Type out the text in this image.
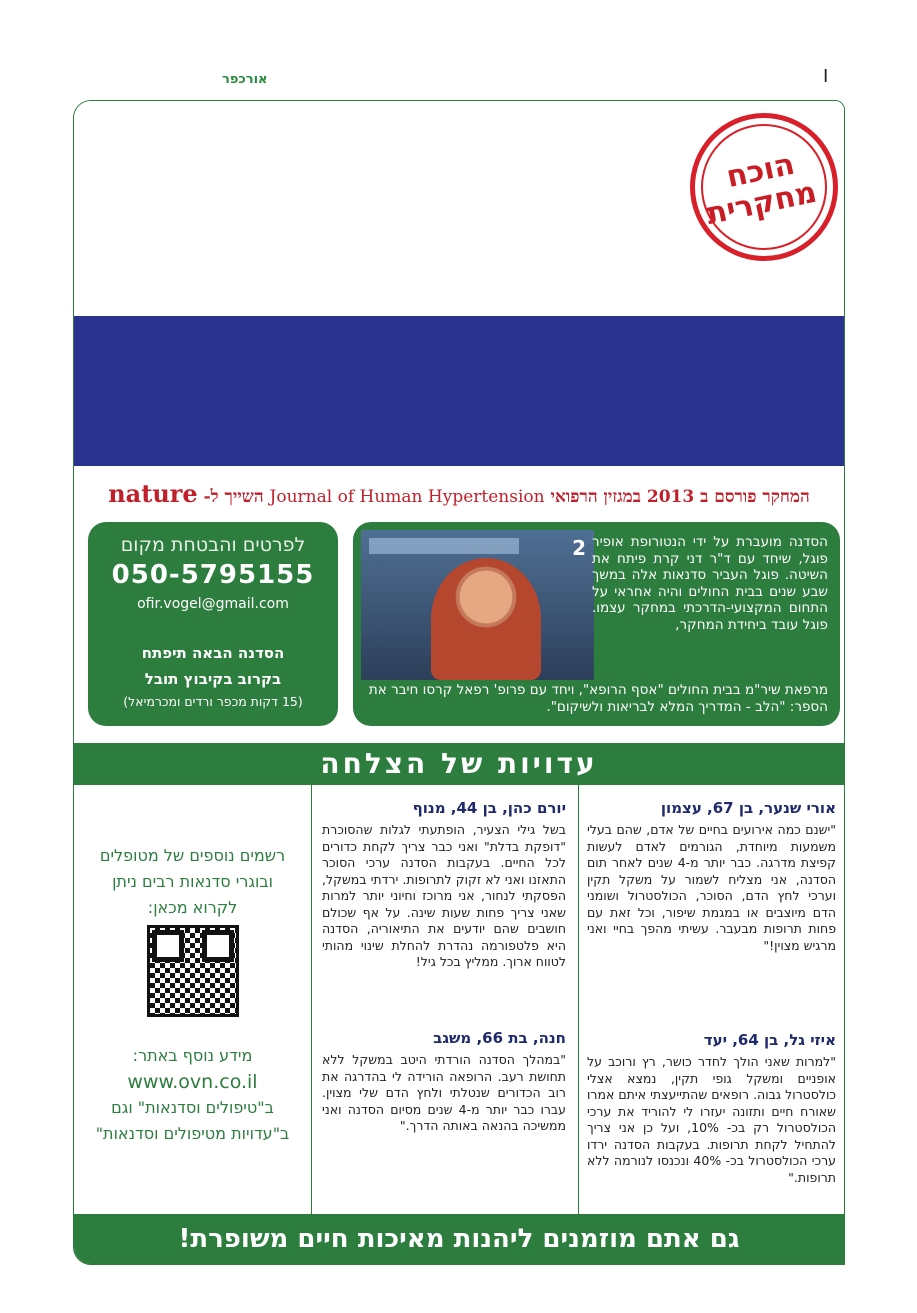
אורכפר	I
הוכח מחקרית
המחקר פורסם ב 2013 במגזין הרפואי Journal of Human Hypertension השייך ל- nature
2 הסדנה מועברת על ידי הנטורופת אופיר פוגל, שיחד עם ד"ר דני קרת פיתח את השיטה. פוגל העביר סדנאות אלה במשך שבע שנים בבית החולים והיה אחראי על התחום המקצועי-הדרכתי במחקר עצמו. פוגל עובד ביחידת המחקר,
מרפאת שיר"מ בבית החולים "אסף הרופא", ויחד עם פרופ' רפאל קרסו חיבר את הספר: "הלב - המדריך המלא לבריאות ולשיקום".
לפרטים והבטחת מקום
050-5795155
ofir.vogel@gmail.com
הסדנה הבאה תיפתח
בקרוב בקיבוץ תובל
(15 דקות מכפר ורדים ומכרמיאל)
עדויות של הצלחה
אורי שנער, בן 67, עצמון

"ישנם כמה אירועים בחיים של אדם, שהם בעלי משמעות מיוחדת, הגורמים לאדם לעשות קפיצת מדרגה. כבר יותר מ-4 שנים לאחר תום הסדנה, אני מצליח לשמור על משקל תקין וערכי לחץ הדם, הסוכר, הכולסטרול ושומני הדם מיוצבים או במגמת שיפור, וכל זאת עם פחות תרופות מבעבר. עשיתי מהפך בחיי ואני מרגיש מצוין!"

איזי גל, בן 64, יעד

"למרות שאני הולך לחדר כושר, רץ ורוכב על אופניים ומשקל גופי תקין, נמצא אצלי כולסטרול גבוה. רופאים שהתייעצתי איתם אמרו שאורח חיים ותזונה יעזרו לי להוריד את ערכי הכולסטרול רק בכ- 10%, ועל כן אני צריך להתחיל לקחת תרופות. בעקבות הסדנה ירדו ערכי הכולסטרול בכ- 40% ונכנסו לנורמה ללא תרופות."

יורם כהן, בן 44, מנוף

בשל גילי הצעיר, הופתעתי לגלות שהסוכרת "דופקת בדלת" ואני כבר צריך לקחת כדורים לכל החיים. בעקבות הסדנה ערכי הסוכר התאזנו ואני לא זקוק לתרופות. ירדתי במשקל, הפסקתי לנחור, אני מרוכז וחיוני יותר למרות שאני צריך פחות שעות שינה. על אף שכולם חושבים שהם יודעים את התיאוריה, הסדנה היא פלטפורמה נהדרת להחלת שינוי מהותי לטווח ארוך. ממליץ בכל גיל!

חנה, בת 66, משגב

"במהלך הסדנה הורדתי היטב במשקל ללא תחושת רעב. הרופאה הורידה לי בהדרגה את רוב הכדורים שנטלתי ולחץ הדם שלי מצוין. עברו כבר יותר מ-4 שנים מסיום הסדנה ואני ממשיכה בהנאה באותה הדרך."

רשמים נוספים של מטופלים
ובוגרי סדנאות רבים ניתן
לקרוא מכאן:
מידע נוסף באתר:
www.ovn.co.il
ב"טיפולים וסדנאות" וגם
ב"עדויות מטיפולים וסדנאות"
גם אתם מוזמנים ליהנות מאיכות חיים משופרת!
